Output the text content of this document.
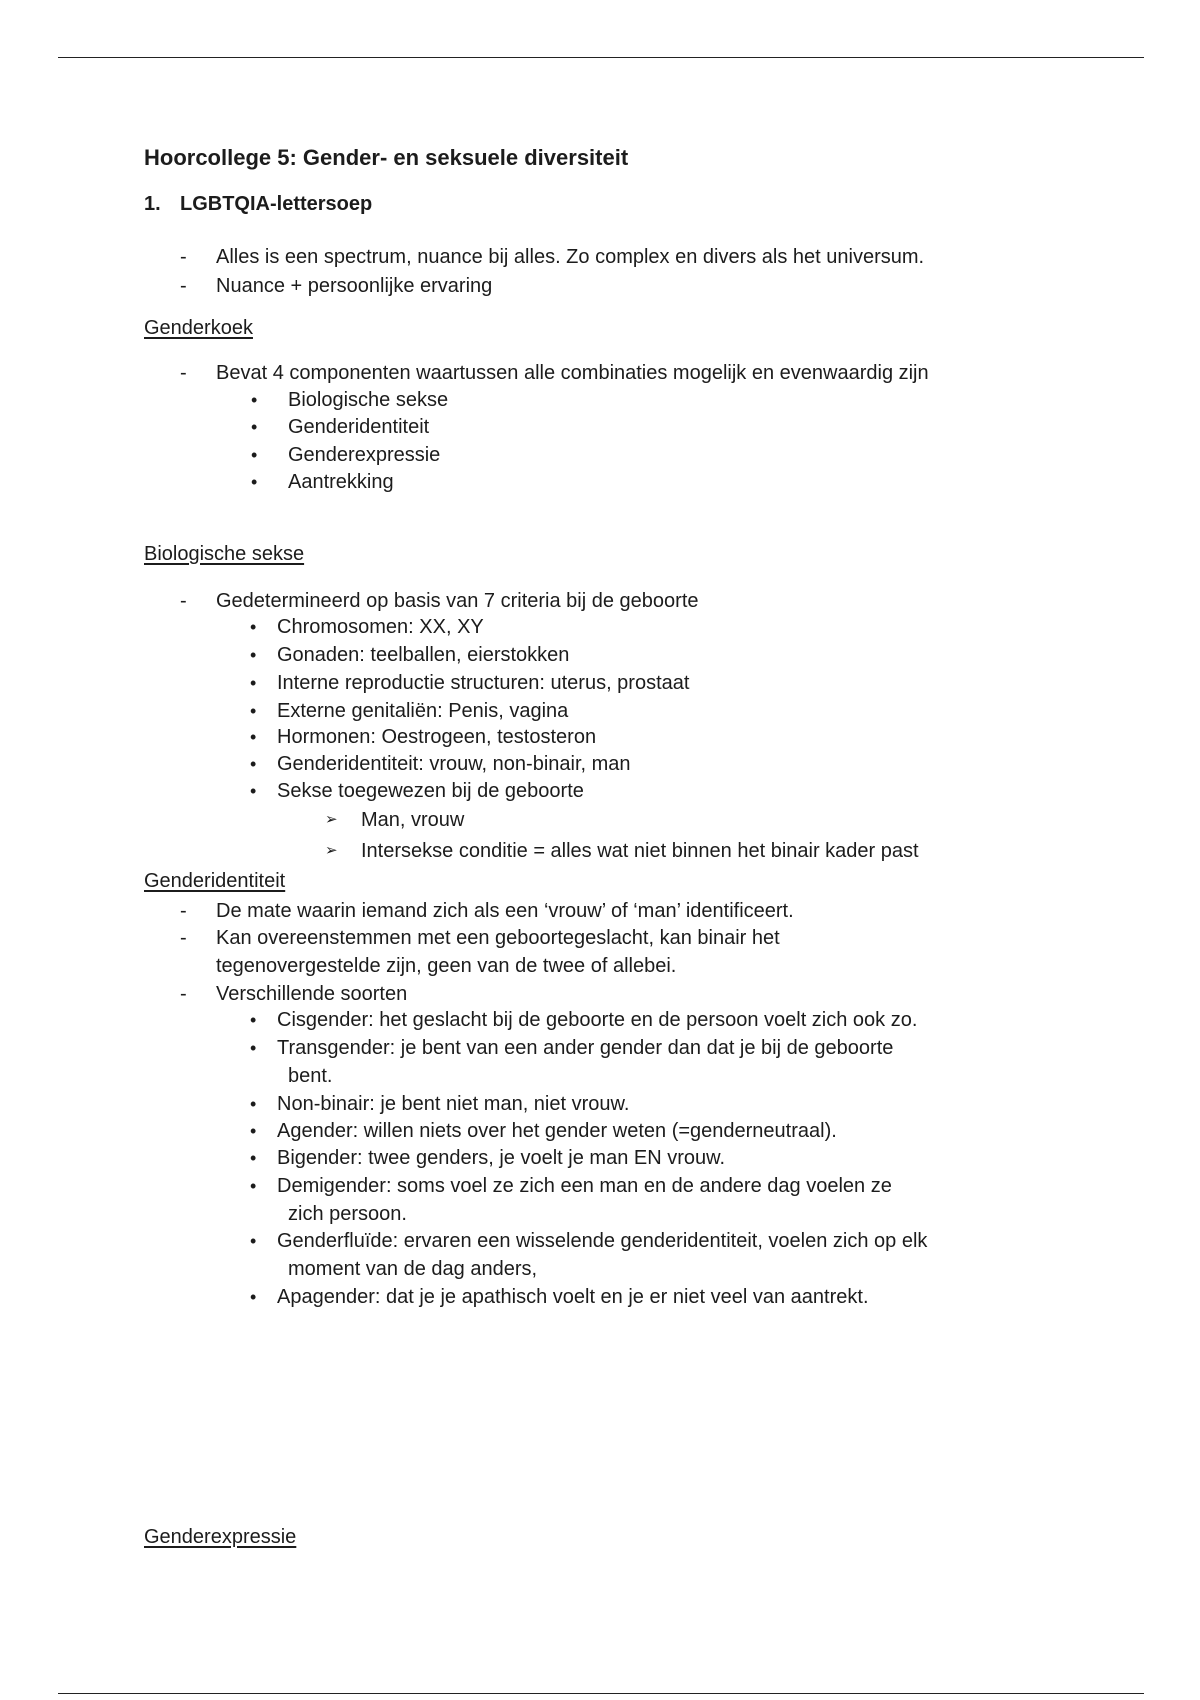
Hoorcollege 5: Gender- en seksuele diversiteit
1. LGBTQIA-lettersoep
- Alles is een spectrum, nuance bij alles. Zo complex en divers als het universum.
- Nuance + persoonlijke ervaring
Genderkoek
- Bevat 4 componenten waartussen alle combinaties mogelijk en evenwaardig zijn
• Biologische sekse
• Genderidentiteit
• Genderexpressie
• Aantrekking
Biologische sekse
- Gedetermineerd op basis van 7 criteria bij de geboorte
• Chromosomen: XX, XY
• Gonaden: teelballen, eierstokken
• Interne reproductie structuren: uterus, prostaat
• Externe genitaliën: Penis, vagina
• Hormonen: Oestrogeen, testosteron
• Genderidentiteit: vrouw, non-binair, man
• Sekse toegewezen bij de geboorte
➢ Man, vrouw
➢ Intersekse conditie = alles wat niet binnen het binair kader past
Genderidentiteit
- De mate waarin iemand zich als een ‘vrouw’ of ‘man’ identificeert.
- Kan overeenstemmen met een geboortegeslacht, kan binair het
tegenovergestelde zijn, geen van de twee of allebei.
- Verschillende soorten
• Cisgender: het geslacht bij de geboorte en de persoon voelt zich ook zo.
• Transgender: je bent van een ander gender dan dat je bij de geboorte
bent.
• Non-binair: je bent niet man, niet vrouw.
• Agender: willen niets over het gender weten (=genderneutraal).
• Bigender: twee genders, je voelt je man EN vrouw.
• Demigender: soms voel ze zich een man en de andere dag voelen ze
zich persoon.
• Genderfluïde: ervaren een wisselende genderidentiteit, voelen zich op elk
moment van de dag anders,
• Apagender: dat je je apathisch voelt en je er niet veel van aantrekt.
Genderexpressie
